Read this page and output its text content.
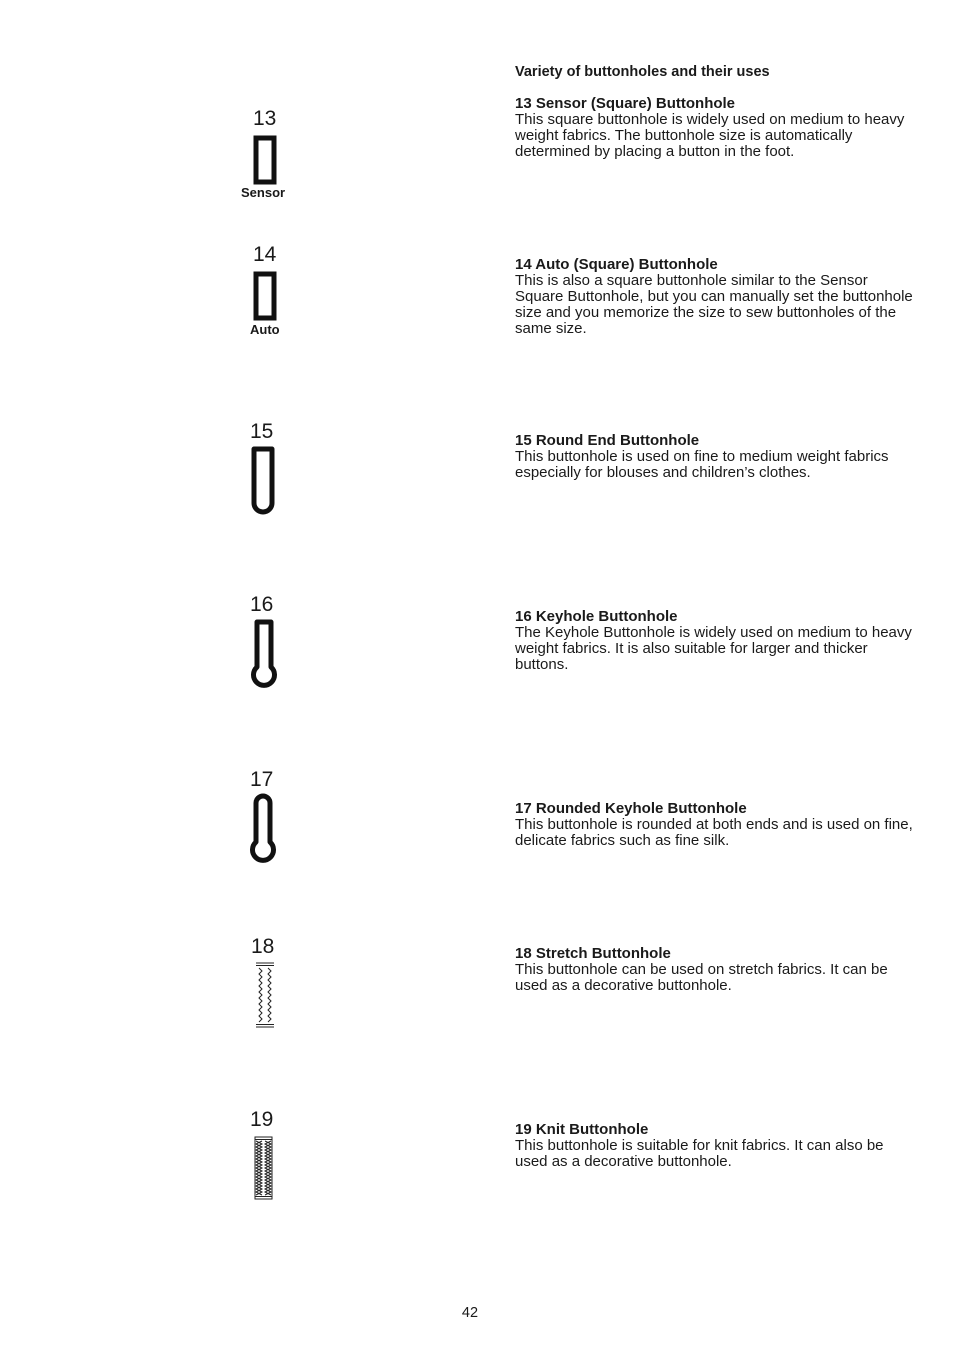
Variety of buttonholes and their uses
13
Sensor
13 Sensor (Square) Buttonhole
This square buttonhole is widely used on medium to heavy weight fabrics. The buttonhole size is automatically determined by placing a button in the foot.
14
Auto
14 Auto (Square) Buttonhole
This is also a square buttonhole similar to the Sensor Square Buttonhole, but you can manually set the buttonhole size and you memorize the size to sew buttonholes of the same size.
15	15 Round End Buttonhole
This buttonhole is used on fine to medium weight fabrics especially for blouses and children’s clothes.
16
16 Keyhole Buttonhole
The Keyhole Buttonhole is widely used on medium to heavy weight fabrics. It is also suitable for larger and thicker buttons.
17
17 Rounded Keyhole Buttonhole
This buttonhole is rounded at both ends and is used on fine, delicate fabrics such as fine silk.
18	18 Stretch Buttonhole
This buttonhole can be used on stretch fabrics. It can be used as a decorative buttonhole.
19	19 Knit Buttonhole
This buttonhole is suitable for knit fabrics. It can also be used as a decorative buttonhole.
42
